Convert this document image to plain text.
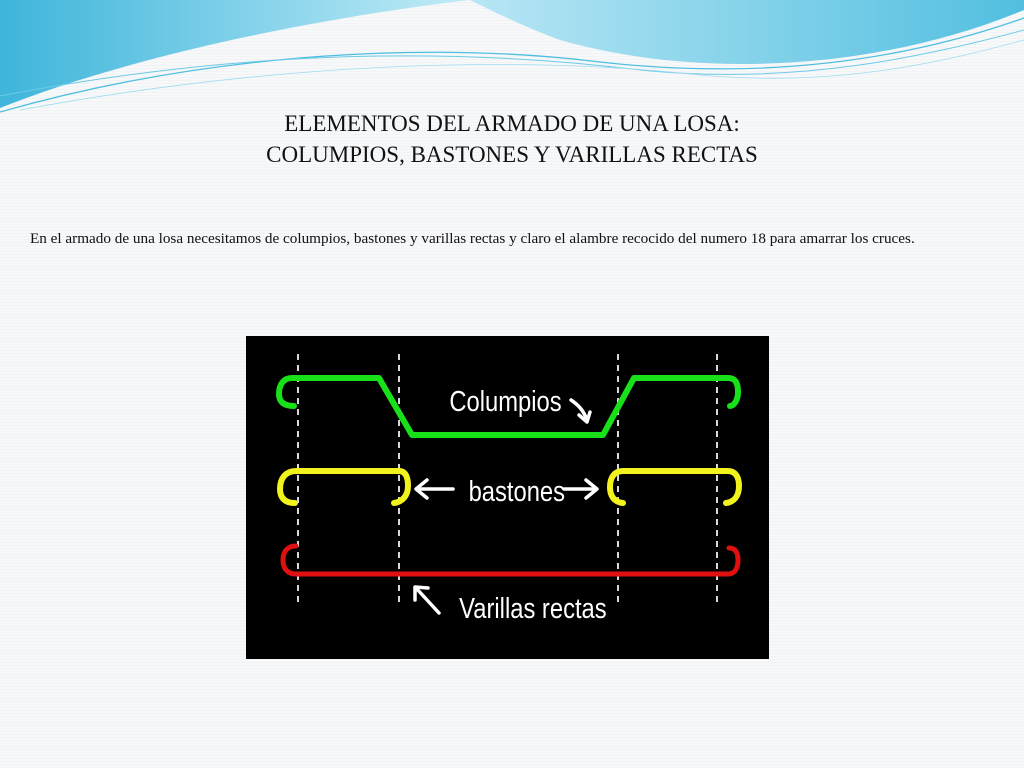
ELEMENTOS DEL ARMADO DE UNA LOSA:
COLUMPIOS, BASTONES Y VARILLAS RECTAS
En el armado de una losa necesitamos de columpios, bastones y varillas rectas y claro el alambre recocido del numero 18 para amarrar los cruces.
Columpios
bastones
Varillas rectas
